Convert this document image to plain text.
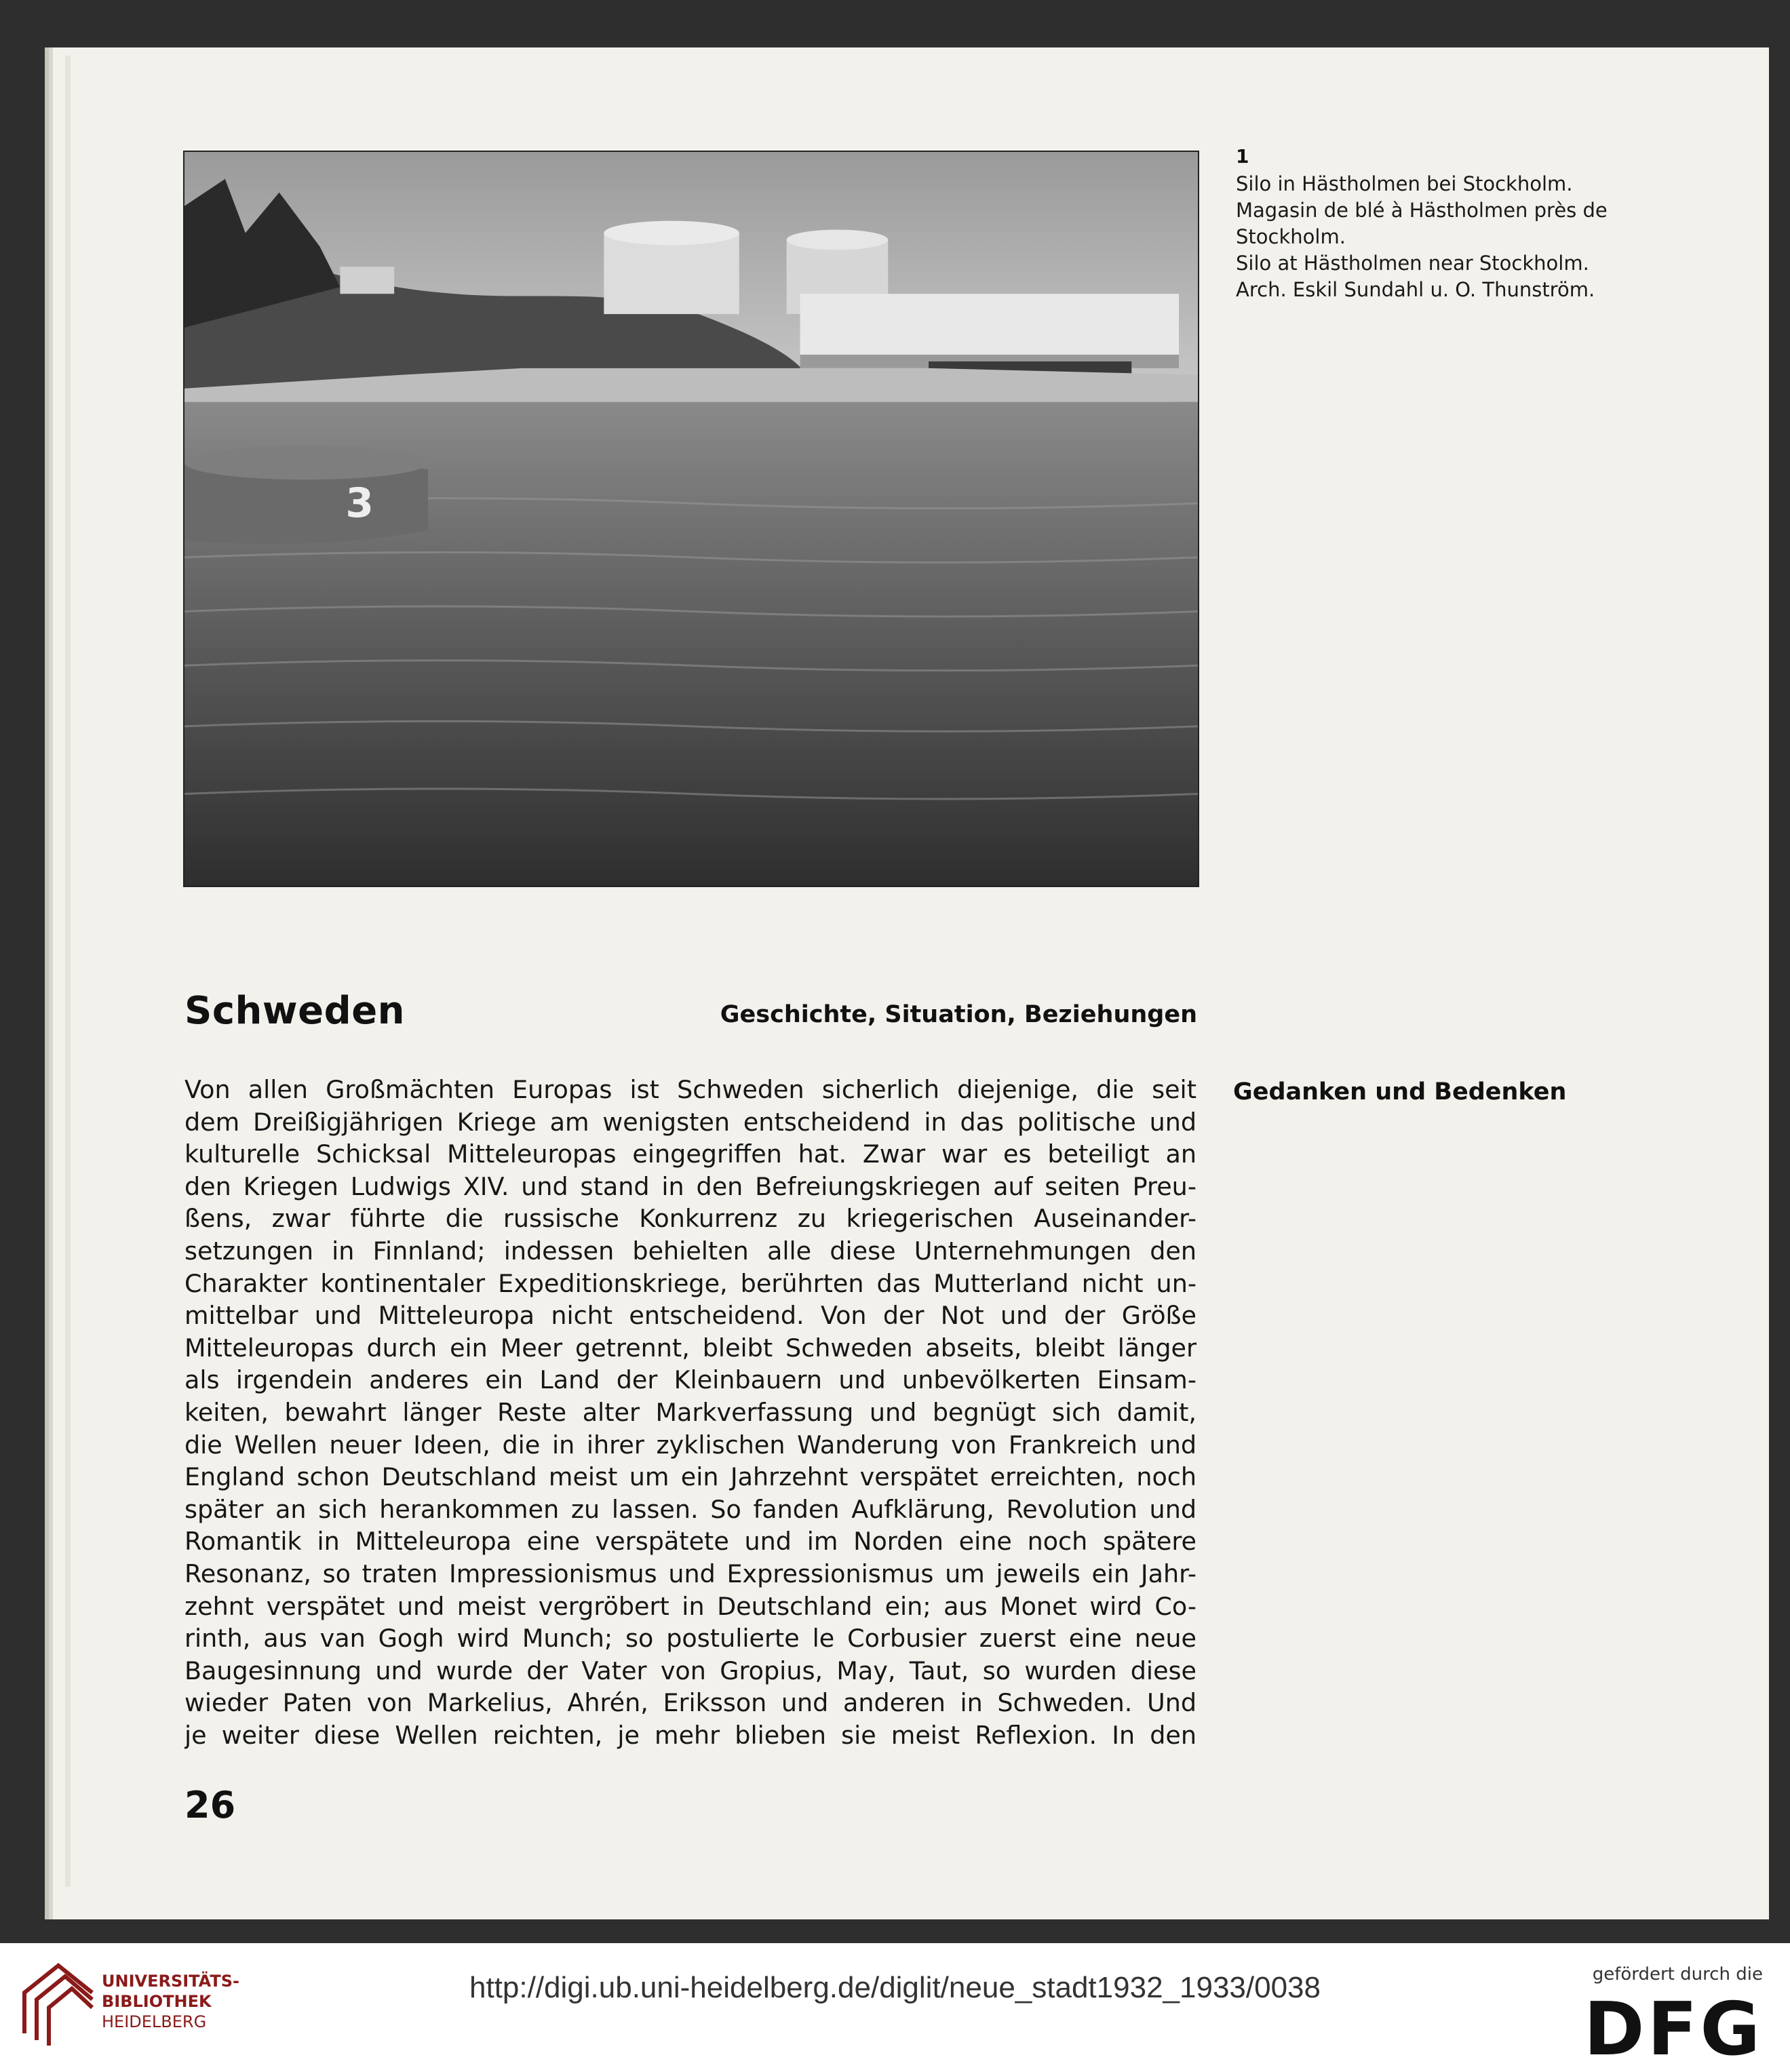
3
1
Silo in Hästholmen bei Stockholm.
Magasin de blé à Hästholmen près de
Stockholm.
Silo at Hästholmen near Stockholm.
Arch. Eskil Sundahl u. O. Thunström.
Schweden	Geschichte, Situation, Beziehungen
Gedanken und Bedenken
Von allen Großmächten Europas ist Schweden sicherlich diejenige, die seit
dem Dreißigjährigen Kriege am wenigsten entscheidend in das politische und
kulturelle Schicksal Mitteleuropas eingegriffen hat. Zwar war es beteiligt an
den Kriegen Ludwigs XIV. und stand in den Befreiungskriegen auf seiten Preu-
ßens, zwar führte die russische Konkurrenz zu kriegerischen Auseinander-
setzungen in Finnland; indessen behielten alle diese Unternehmungen den
Charakter kontinentaler Expeditionskriege, berührten das Mutterland nicht un-
mittelbar und Mitteleuropa nicht entscheidend. Von der Not und der Größe
Mitteleuropas durch ein Meer getrennt, bleibt Schweden abseits, bleibt länger
als irgendein anderes ein Land der Kleinbauern und unbevölkerten Einsam-
keiten, bewahrt länger Reste alter Markverfassung und begnügt sich damit,
die Wellen neuer Ideen, die in ihrer zyklischen Wanderung von Frankreich und
England schon Deutschland meist um ein Jahrzehnt verspätet erreichten, noch
später an sich herankommen zu lassen. So fanden Aufklärung, Revolution und
Romantik in Mitteleuropa eine verspätete und im Norden eine noch spätere
Resonanz, so traten Impressionismus und Expressionismus um jeweils ein Jahr-
zehnt verspätet und meist vergröbert in Deutschland ein; aus Monet wird Co-
rinth, aus van Gogh wird Munch; so postulierte le Corbusier zuerst eine neue
Baugesinnung und wurde der Vater von Gropius, May, Taut, so wurden diese
wieder Paten von Markelius, Ahrén, Eriksson und anderen in Schweden. Und
je weiter diese Wellen reichten, je mehr blieben sie meist Reflexion. In den
26
UNIVERSITÄTS-
BIBLIOTHEK
HEIDELBERG
http://digi.ub.uni-heidelberg.de/diglit/neue_stadt1932_1933/0038	gefördert durch die
DFG
